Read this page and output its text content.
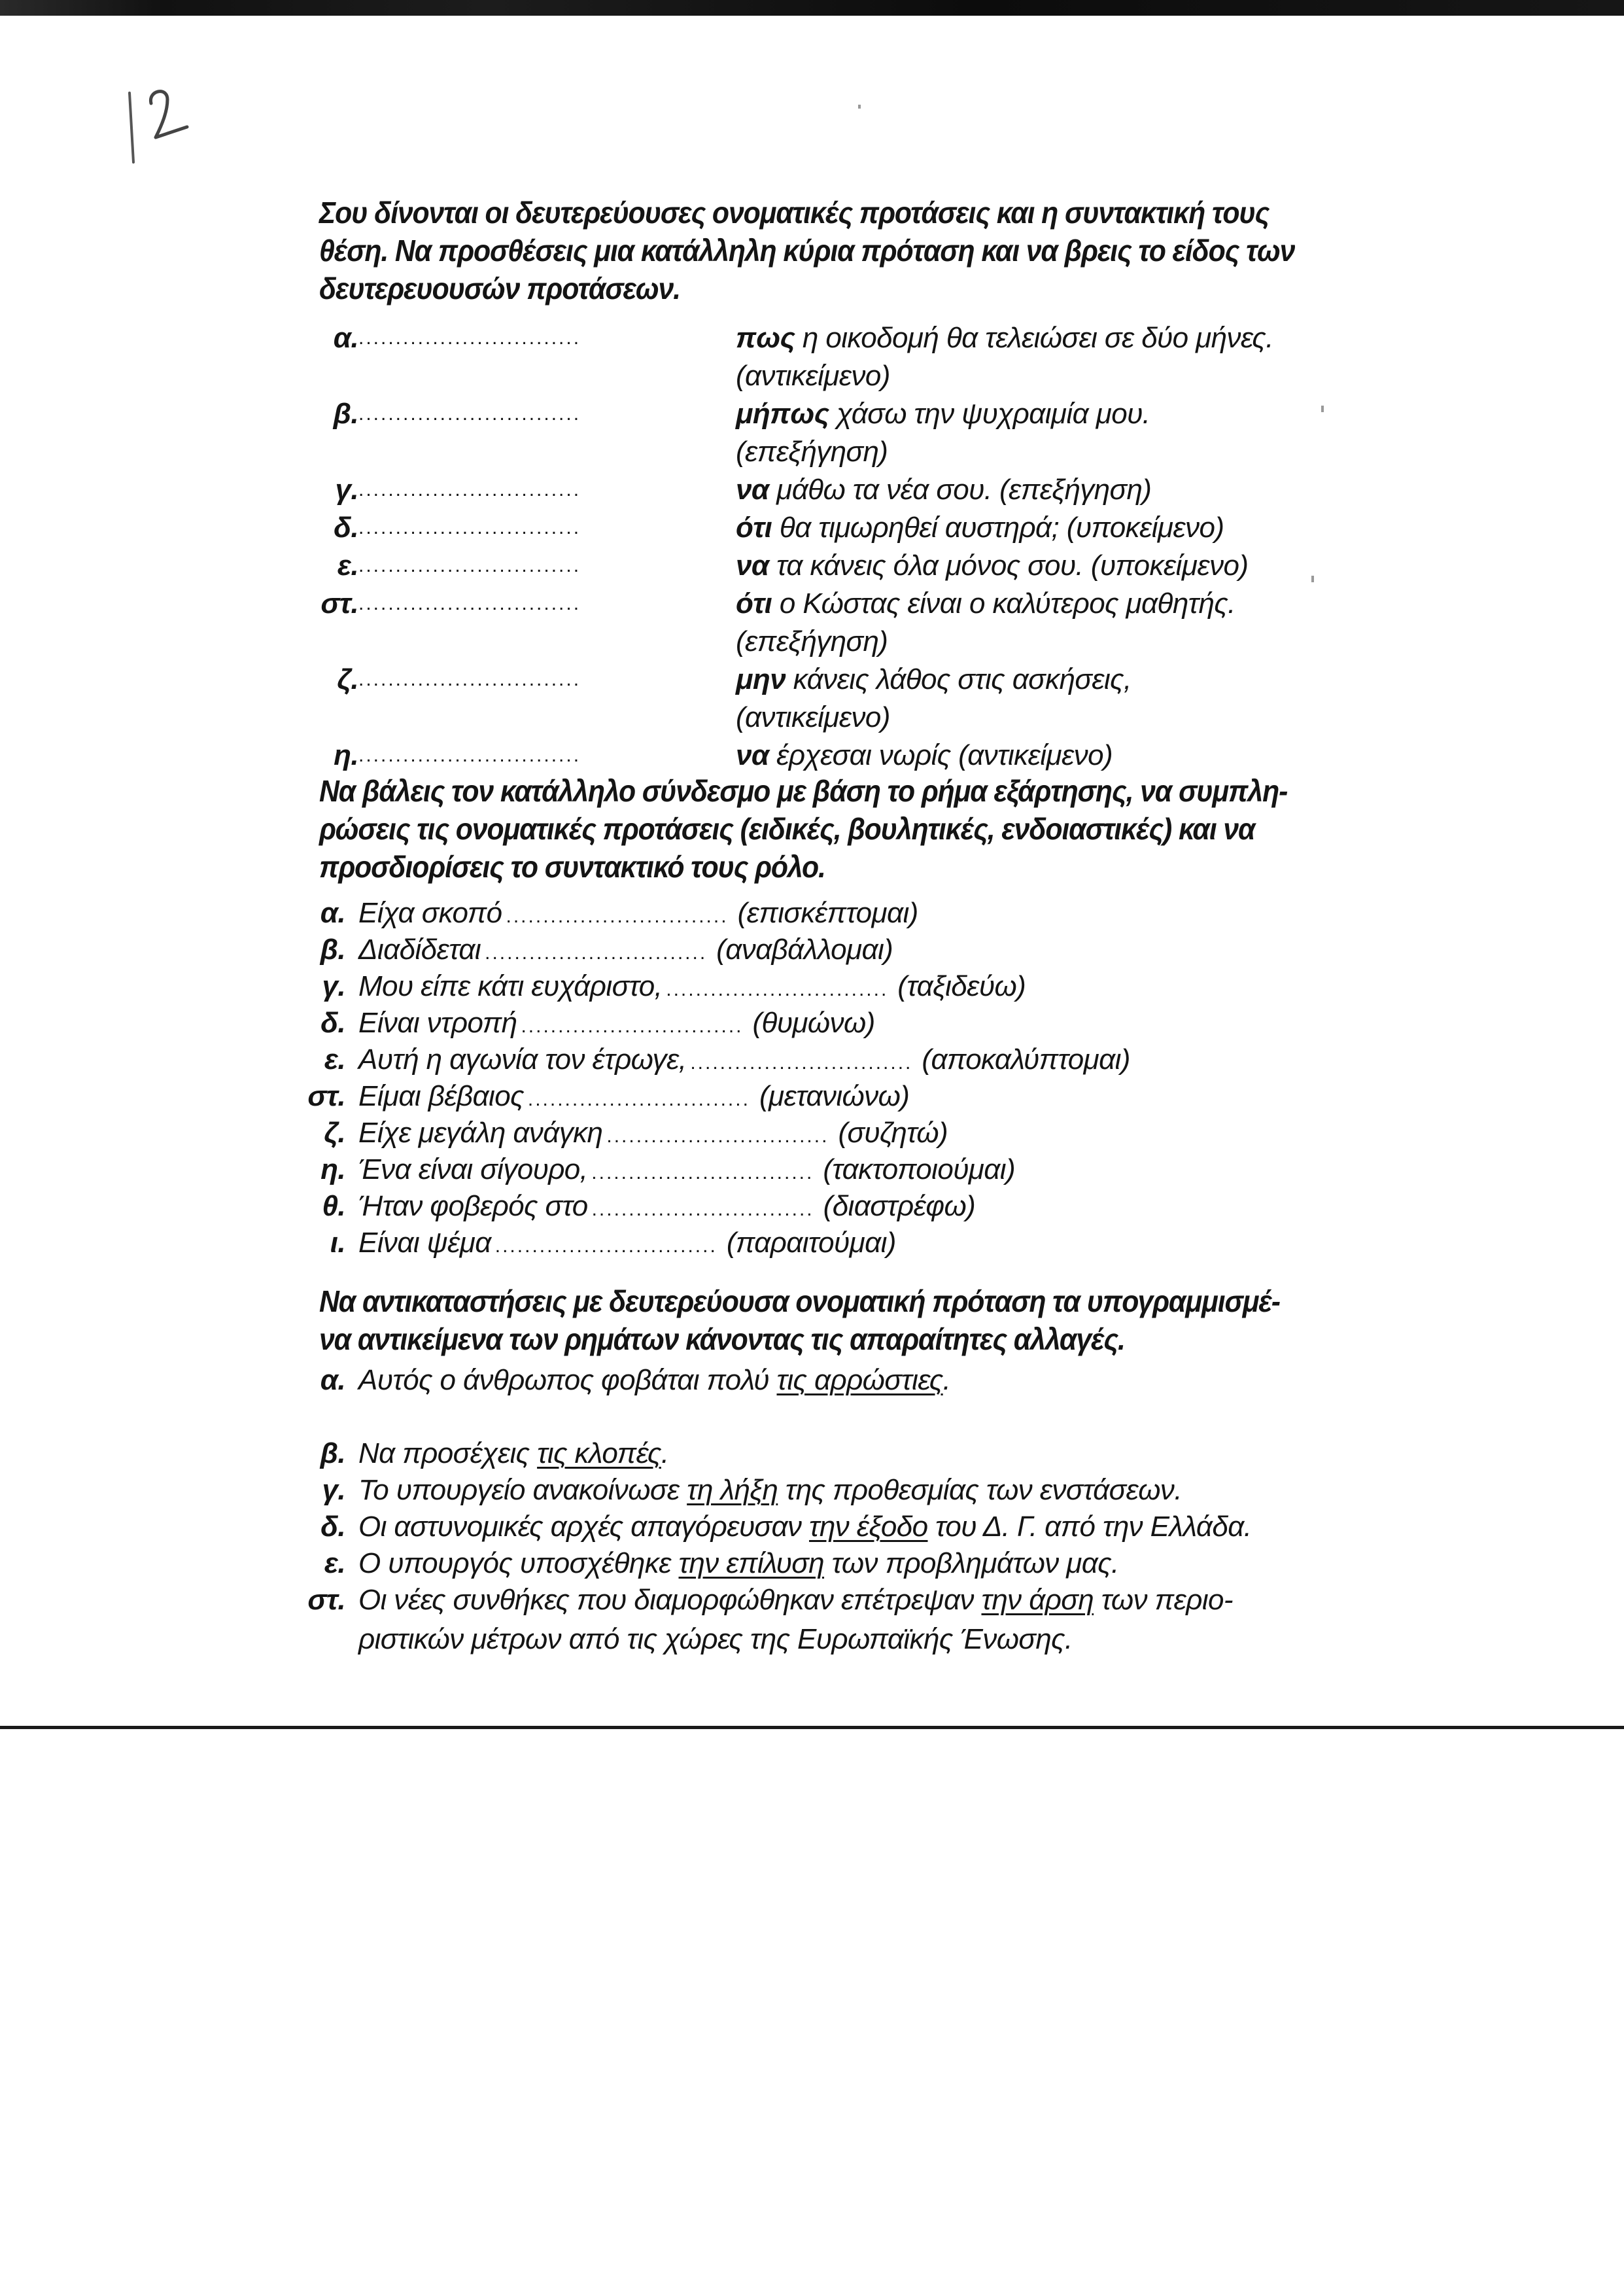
Σου δίνονται οι δευτερεύουσες ονοματικές προτάσεις και η συντακτική τους
θέση. Να προσθέσεις μια κατάλληλη κύρια πρόταση και να βρεις το είδος των
δευτερευουσών προτάσεων.
α. ..............................	πως η οικοδομή θα τελειώσει σε δύο μήνες.
(αντικείμενο)
β. ..............................	μήπως χάσω την ψυχραιμία μου.
(επεξήγηση)
γ. ..............................	να μάθω τα νέα σου. (επεξήγηση)
δ. ..............................	ότι θα τιμωρηθεί αυστηρά; (υποκείμενο)
ε. ..............................	να τα κάνεις όλα μόνος σου. (υποκείμενο)
στ. ..............................	ότι ο Κώστας είναι ο καλύτερος μαθητής.
(επεξήγηση)
ζ. ..............................	μην κάνεις λάθος στις ασκήσεις,
(αντικείμενο)
η. ..............................	να έρχεσαι νωρίς (αντικείμενο)
Να βάλεις τον κατάλληλο σύνδεσμο με βάση το ρήμα εξάρτησης, να συμπλη-
ρώσεις τις ονοματικές προτάσεις (ειδικές, βουλητικές, ενδοιαστικές) και να
προσδιορίσεις το συντακτικό τους ρόλο.
α. Είχα σκοπό .............................. (επισκέπτομαι)
β. Διαδίδεται .............................. (αναβάλλομαι)
γ. Μου είπε κάτι ευχάριστο, .............................. (ταξιδεύω)
δ. Είναι ντροπή .............................. (θυμώνω)
ε. Αυτή η αγωνία τον έτρωγε, .............................. (αποκαλύπτομαι)
στ. Είμαι βέβαιος .............................. (μετανιώνω)
ζ. Είχε μεγάλη ανάγκη .............................. (συζητώ)
η. Ένα είναι σίγουρο, .............................. (τακτοποιούμαι)
θ. Ήταν φοβερός στο .............................. (διαστρέφω)
ι. Είναι ψέμα .............................. (παραιτούμαι)
Να αντικαταστήσεις με δευτερεύουσα ονοματική πρόταση τα υπογραμμισμέ-
να αντικείμενα των ρημάτων κάνοντας τις απαραίτητες αλλαγές.
α. Αυτός ο άνθρωπος φοβάται πολύ τις αρρώστιες.
β. Να προσέχεις τις κλοπές.
γ. Το υπουργείο ανακοίνωσε τη λήξη της προθεσμίας των ενστάσεων.
δ. Οι αστυνομικές αρχές απαγόρευσαν την έξοδο του Δ. Γ. από την Ελλάδα.
ε. Ο υπουργός υποσχέθηκε την επίλυση των προβλημάτων μας.
στ. Οι νέες συνθήκες που διαμορφώθηκαν επέτρεψαν την άρση των περιο-
ριστικών μέτρων από τις χώρες της Ευρωπαϊκής Ένωσης.
